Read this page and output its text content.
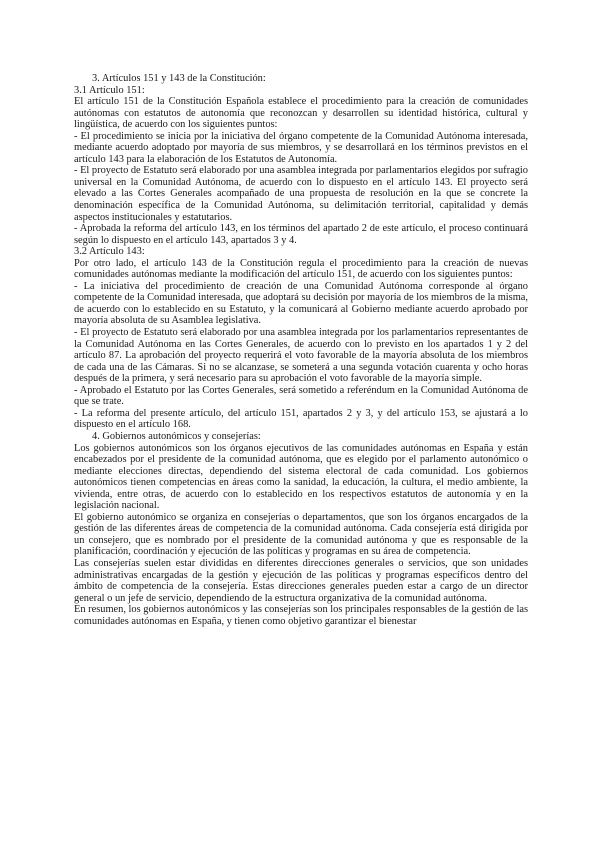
3. Artículos 151 y 143 de la Constitución:

3.1 Artículo 151:

El artículo 151 de la Constitución Española establece el procedimiento para la creación de comunidades autónomas con estatutos de autonomía que reconozcan y desarrollen su identidad histórica, cultural y lingüística, de acuerdo con los siguientes puntos:

- El procedimiento se inicia por la iniciativa del órgano competente de la Comunidad Autónoma interesada, mediante acuerdo adoptado por mayoría de sus miembros, y se desarrollará en los términos previstos en el artículo 143 para la elaboración de los Estatutos de Autonomía.

- El proyecto de Estatuto será elaborado por una asamblea integrada por parlamentarios elegidos por sufragio universal en la Comunidad Autónoma, de acuerdo con lo dispuesto en el artículo 143. El proyecto será elevado a las Cortes Generales acompañado de una propuesta de resolución en la que se concrete la denominación específica de la Comunidad Autónoma, su delimitación territorial, capitalidad y demás aspectos institucionales y estatutarios.

- Aprobada la reforma del artículo 143, en los términos del apartado 2 de este artículo, el proceso continuará según lo dispuesto en el artículo 143, apartados 3 y 4.

3.2 Artículo 143:

Por otro lado, el artículo 143 de la Constitución regula el procedimiento para la creación de nuevas comunidades autónomas mediante la modificación del artículo 151, de acuerdo con los siguientes puntos:

- La iniciativa del procedimiento de creación de una Comunidad Autónoma corresponde al órgano competente de la Comunidad interesada, que adoptará su decisión por mayoría de los miembros de la misma, de acuerdo con lo establecido en su Estatuto, y la comunicará al Gobierno mediante acuerdo aprobado por mayoría absoluta de su Asamblea legislativa.

- El proyecto de Estatuto será elaborado por una asamblea integrada por los parlamentarios representantes de la Comunidad Autónoma en las Cortes Generales, de acuerdo con lo previsto en los apartados 1 y 2 del artículo 87. La aprobación del proyecto requerirá el voto favorable de la mayoría absoluta de los miembros de cada una de las Cámaras. Si no se alcanzase, se someterá a una segunda votación cuarenta y ocho horas después de la primera, y será necesario para su aprobación el voto favorable de la mayoría simple.

- Aprobado el Estatuto por las Cortes Generales, será sometido a referéndum en la Comunidad Autónoma de que se trate.

- La reforma del presente artículo, del artículo 151, apartados 2 y 3, y del artículo 153, se ajustará a lo dispuesto en el artículo 168.

4. Gobiernos autonómicos y consejerías:

Los gobiernos autonómicos son los órganos ejecutivos de las comunidades autónomas en España y están encabezados por el presidente de la comunidad autónoma, que es elegido por el parlamento autonómico o mediante elecciones directas, dependiendo del sistema electoral de cada comunidad. Los gobiernos autonómicos tienen competencias en áreas como la sanidad, la educación, la cultura, el medio ambiente, la vivienda, entre otras, de acuerdo con lo establecido en los respectivos estatutos de autonomía y en la legislación nacional.

El gobierno autonómico se organiza en consejerías o departamentos, que son los órganos encargados de la gestión de las diferentes áreas de competencia de la comunidad autónoma. Cada consejería está dirigida por un consejero, que es nombrado por el presidente de la comunidad autónoma y que es responsable de la planificación, coordinación y ejecución de las políticas y programas en su área de competencia.

Las consejerías suelen estar divididas en diferentes direcciones generales o servicios, que son unidades administrativas encargadas de la gestión y ejecución de las políticas y programas específicos dentro del ámbito de competencia de la consejería. Estas direcciones generales pueden estar a cargo de un director general o un jefe de servicio, dependiendo de la estructura organizativa de la comunidad autónoma.

En resumen, los gobiernos autonómicos y las consejerías son los principales responsables de la gestión de las comunidades autónomas en España, y tienen como objetivo garantizar el bienestar
